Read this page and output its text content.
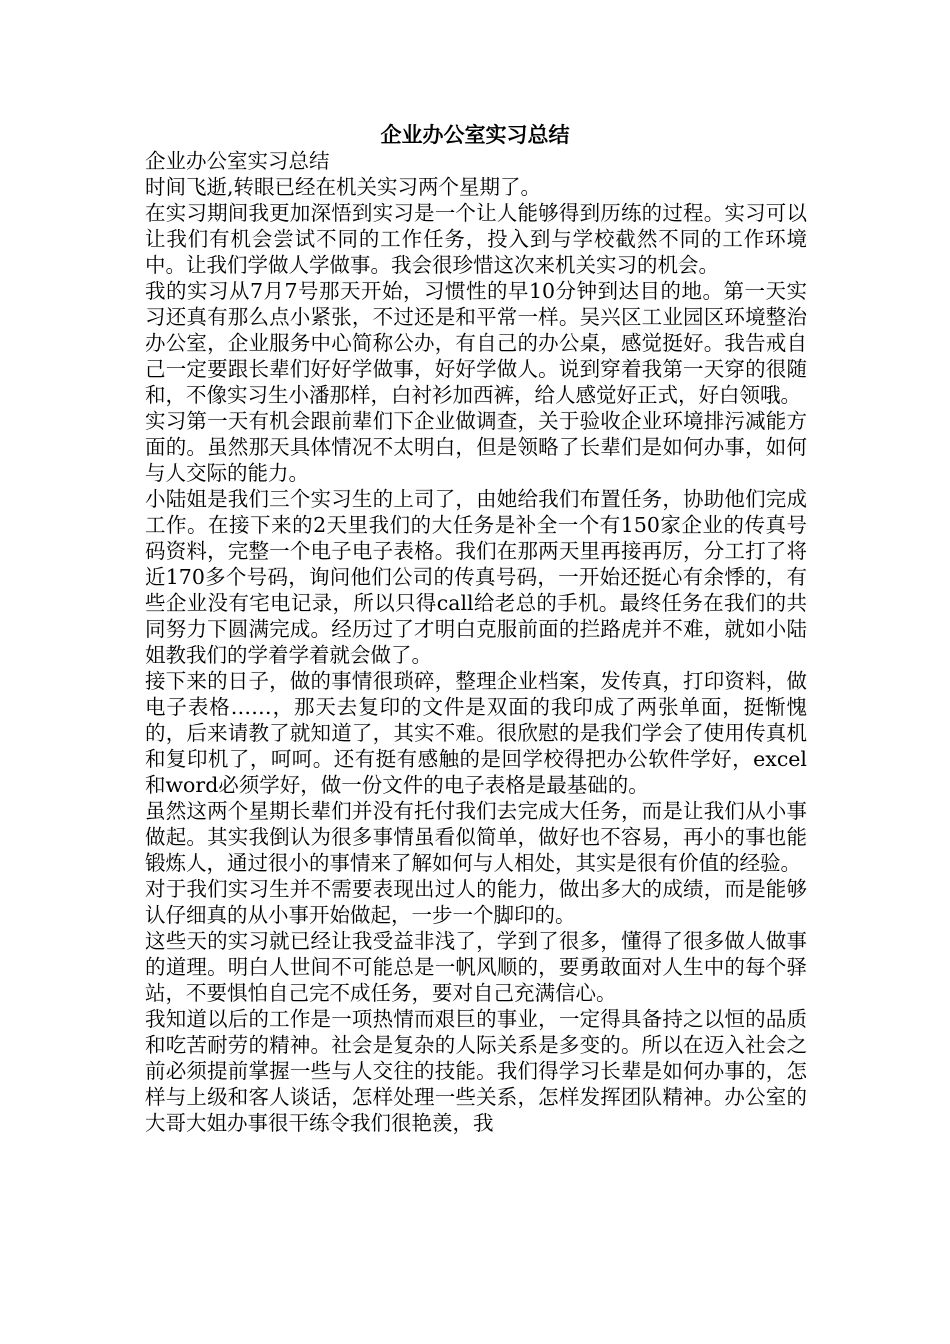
企业办公室实习总结

企业办公室实习总结

时间飞逝,转眼已经在机关实习两个星期了。

在实习期间我更加深悟到实习是一个让人能够得到历练的过程。实习可以让我们有机会尝试不同的工作任务，投入到与学校截然不同的工作环境中。让我们学做人学做事。我会很珍惜这次来机关实习的机会。

我的实习从7月7号那天开始，习惯性的早10分钟到达目的地。第一天实习还真有那么点小紧张，不过还是和平常一样。吴兴区工业园区环境整治办公室，企业服务中心简称公办，有自己的办公桌，感觉挺好。我告戒自己一定要跟长辈们好好学做事，好好学做人。说到穿着我第一天穿的很随和，不像实习生小潘那样，白衬衫加西裤，给人感觉好正式，好白领哦。

实习第一天有机会跟前辈们下企业做调查，关于验收企业环境排污减能方面的。虽然那天具体情况不太明白，但是领略了长辈们是如何办事，如何与人交际的能力。

小陆姐是我们三个实习生的上司了，由她给我们布置任务，协助他们完成工作。在接下来的2天里我们的大任务是补全一个有150家企业的传真号码资料，完整一个电子电子表格。我们在那两天里再接再厉，分工打了将近170多个号码，询问他们公司的传真号码，一开始还挺心有余悸的，有些企业没有宅电记录，所以只得call给老总的手机。最终任务在我们的共同努力下圆满完成。经历过了才明白克服前面的拦路虎并不难，就如小陆姐教我们的学着学着就会做了。

接下来的日子，做的事情很琐碎，整理企业档案，发传真，打印资料，做电子表格……，那天去复印的文件是双面的我印成了两张单面，挺惭愧的，后来请教了就知道了，其实不难。很欣慰的是我们学会了使用传真机和复印机了，呵呵。还有挺有感触的是回学校得把办公软件学好，excel和word必须学好，做一份文件的电子表格是最基础的。

虽然这两个星期长辈们并没有托付我们去完成大任务，而是让我们从小事做起。其实我倒认为很多事情虽看似简单，做好也不容易，再小的事也能锻炼人，通过很小的事情来了解如何与人相处，其实是很有价值的经验。

对于我们实习生并不需要表现出过人的能力，做出多大的成绩，而是能够认仔细真的从小事开始做起，一步一个脚印的。

这些天的实习就已经让我受益非浅了，学到了很多，懂得了很多做人做事的道理。明白人世间不可能总是一帆风顺的，要勇敢面对人生中的每个驿站，不要惧怕自己完不成任务，要对自己充满信心。

我知道以后的工作是一项热情而艰巨的事业，一定得具备持之以恒的品质和吃苦耐劳的精神。社会是复杂的人际关系是多变的。所以在迈入社会之前必须提前掌握一些与人交往的技能。我们得学习长辈是如何办事的，怎样与上级和客人谈话，怎样处理一些关系，怎样发挥团队精神。办公室的大哥大姐办事很干练令我们很艳羡，我
